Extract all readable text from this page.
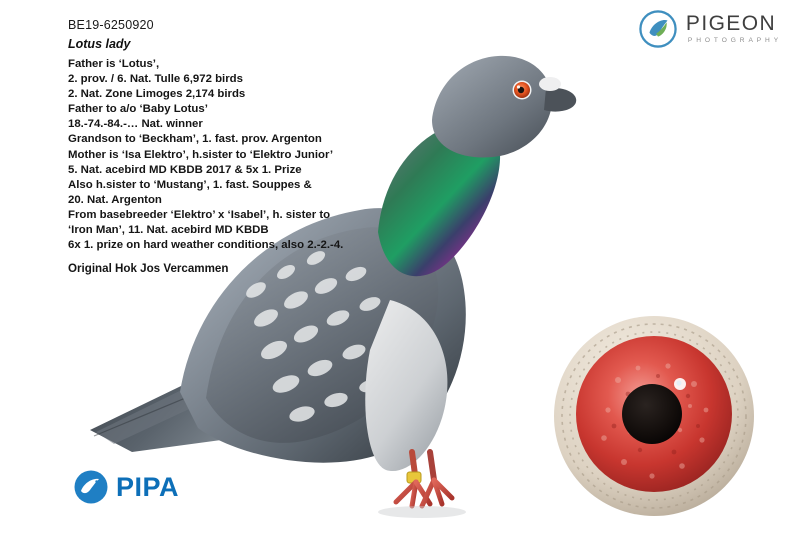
BE19-6250920
Lotus lady
Father is ‘Lotus’,
2. prov. / 6. Nat. Tulle 6,972 birds
2. Nat. Zone Limoges 2,174 birds
Father to a/o ‘Baby Lotus’
18.-74.-84.-… Nat. winner
Grandson to ‘Beckham’, 1. fast. prov. Argenton
Mother is ‘Isa Elektro’, h.sister to ‘Elektro Junior’
5. Nat. acebird MD KBDB 2017 & 5x 1. Prize
Also h.sister to ‘Mustang’, 1. fast. Souppes &
20. Nat. Argenton
From basebreeder ‘Elektro’ x ‘Isabel’, h. sister to
‘Iron Man’, 11. Nat. acebird MD KBDB
6x 1. prize on hard weather conditions, also 2.-2.-4.
Original Hok Jos Vercammen
PIGEON
PHOTOGRAPHY
PIPA
